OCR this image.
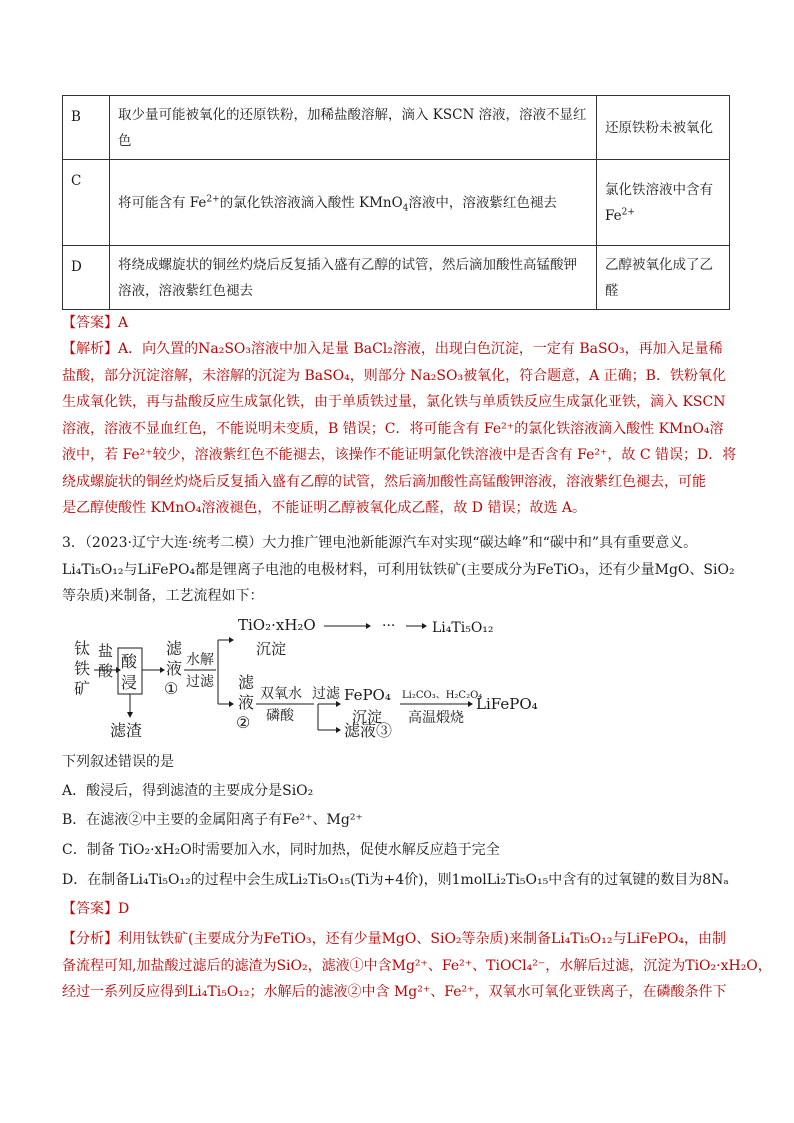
B	取少量可能被氧化的还原铁粉，加稀盐酸溶解，滴入 KSCN 溶液，溶液不显红色	还原铁粉未被氧化
C	将可能含有 $Fe^{2+}$的氯化铁溶液滴入酸性 KMnO$_4$溶液中，溶液紫红色褪去	氯化铁溶液中含有 $Fe^{2+}$
D	将绕成螺旋状的铜丝灼烧后反复插入盛有乙醇的试管，然后滴加酸性高锰酸钾溶液，溶液紫红色褪去	乙醇被氧化成了乙醛
【答案】A
【解析】A．向久置的Na₂SO₃溶液中加入足量 BaCl₂溶液，出现白色沉淀，一定有 BaSO₃，再加入足量稀
盐酸，部分沉淀溶解，未溶解的沉淀为 BaSO₄，则部分 Na₂SO₃被氧化，符合题意，A 正确；B．铁粉氧化
生成氧化铁，再与盐酸反应生成氯化铁，由于单质铁过量，氯化铁与单质铁反应生成氯化亚铁，滴入 KSCN
溶液，溶液不显血红色，不能说明未变质，B 错误；C．将可能含有 Fe²⁺的氯化铁溶液滴入酸性 KMnO₄溶
液中，若 Fe²⁺较少，溶液紫红色不能褪去，该操作不能证明氯化铁溶液中是否含有 Fe²⁺，故 C 错误；D．将
绕成螺旋状的铜丝灼烧后反复插入盛有乙醇的试管，然后滴加酸性高锰酸钾溶液，溶液紫红色褪去，可能
是乙醇使酸性 KMnO₄溶液褪色，不能证明乙醇被氧化成乙醛，故 D 错误；故选 A。
3．（2023·辽宁大连·统考二模）大力推广锂电池新能源汽车对实现“碳达峰”和“碳中和”具有重要意义。
Li₄Ti₅O₁₂与LiFePO₄都是锂离子电池的电极材料，可利用钛铁矿(主要成分为FeTiO₃，还有少量MgO、SiO₂
等杂质)来制备，工艺流程如下：
钛
铁
矿
盐
酸 酸
浸
滤渣
滤
液
①
水解
过滤
TiO₂·xH₂O
沉淀
···	Li₄Ti₅O₁₂
滤
液
②
双氧水
磷酸
过滤
滤液③
FePO₄
沉淀
Li₂CO₃、H₂C₂O₄
高温煅烧
LiFePO₄
下列叙述错误的是
A．酸浸后，得到滤渣的主要成分是SiO₂
B．在滤液②中主要的金属阳离子有Fe²⁺、Mg²⁺
C．制备 TiO₂·xH₂O时需要加入水，同时加热，促使水解反应趋于完全
D．在制备Li₄Ti₅O₁₂的过程中会生成Li₂Ti₅O₁₅(Ti为+4价)，则1molLi₂Ti₅O₁₅中含有的过氧键的数目为8Nₐ
【答案】D
【分析】利用钛铁矿(主要成分为FeTiO₃，还有少量MgO、SiO₂等杂质)来制备Li₄Ti₅O₁₂与LiFePO₄，由制
备流程可知,加盐酸过滤后的滤渣为SiO₂，滤液①中含Mg²⁺、Fe²⁺、TiOCl₄²⁻，水解后过滤，沉淀为TiO₂·xH₂O，
经过一系列反应得到Li₄Ti₅O₁₂；水解后的滤液②中含 Mg²⁺、Fe²⁺，双氧水可氧化亚铁离子，在磷酸条件下
